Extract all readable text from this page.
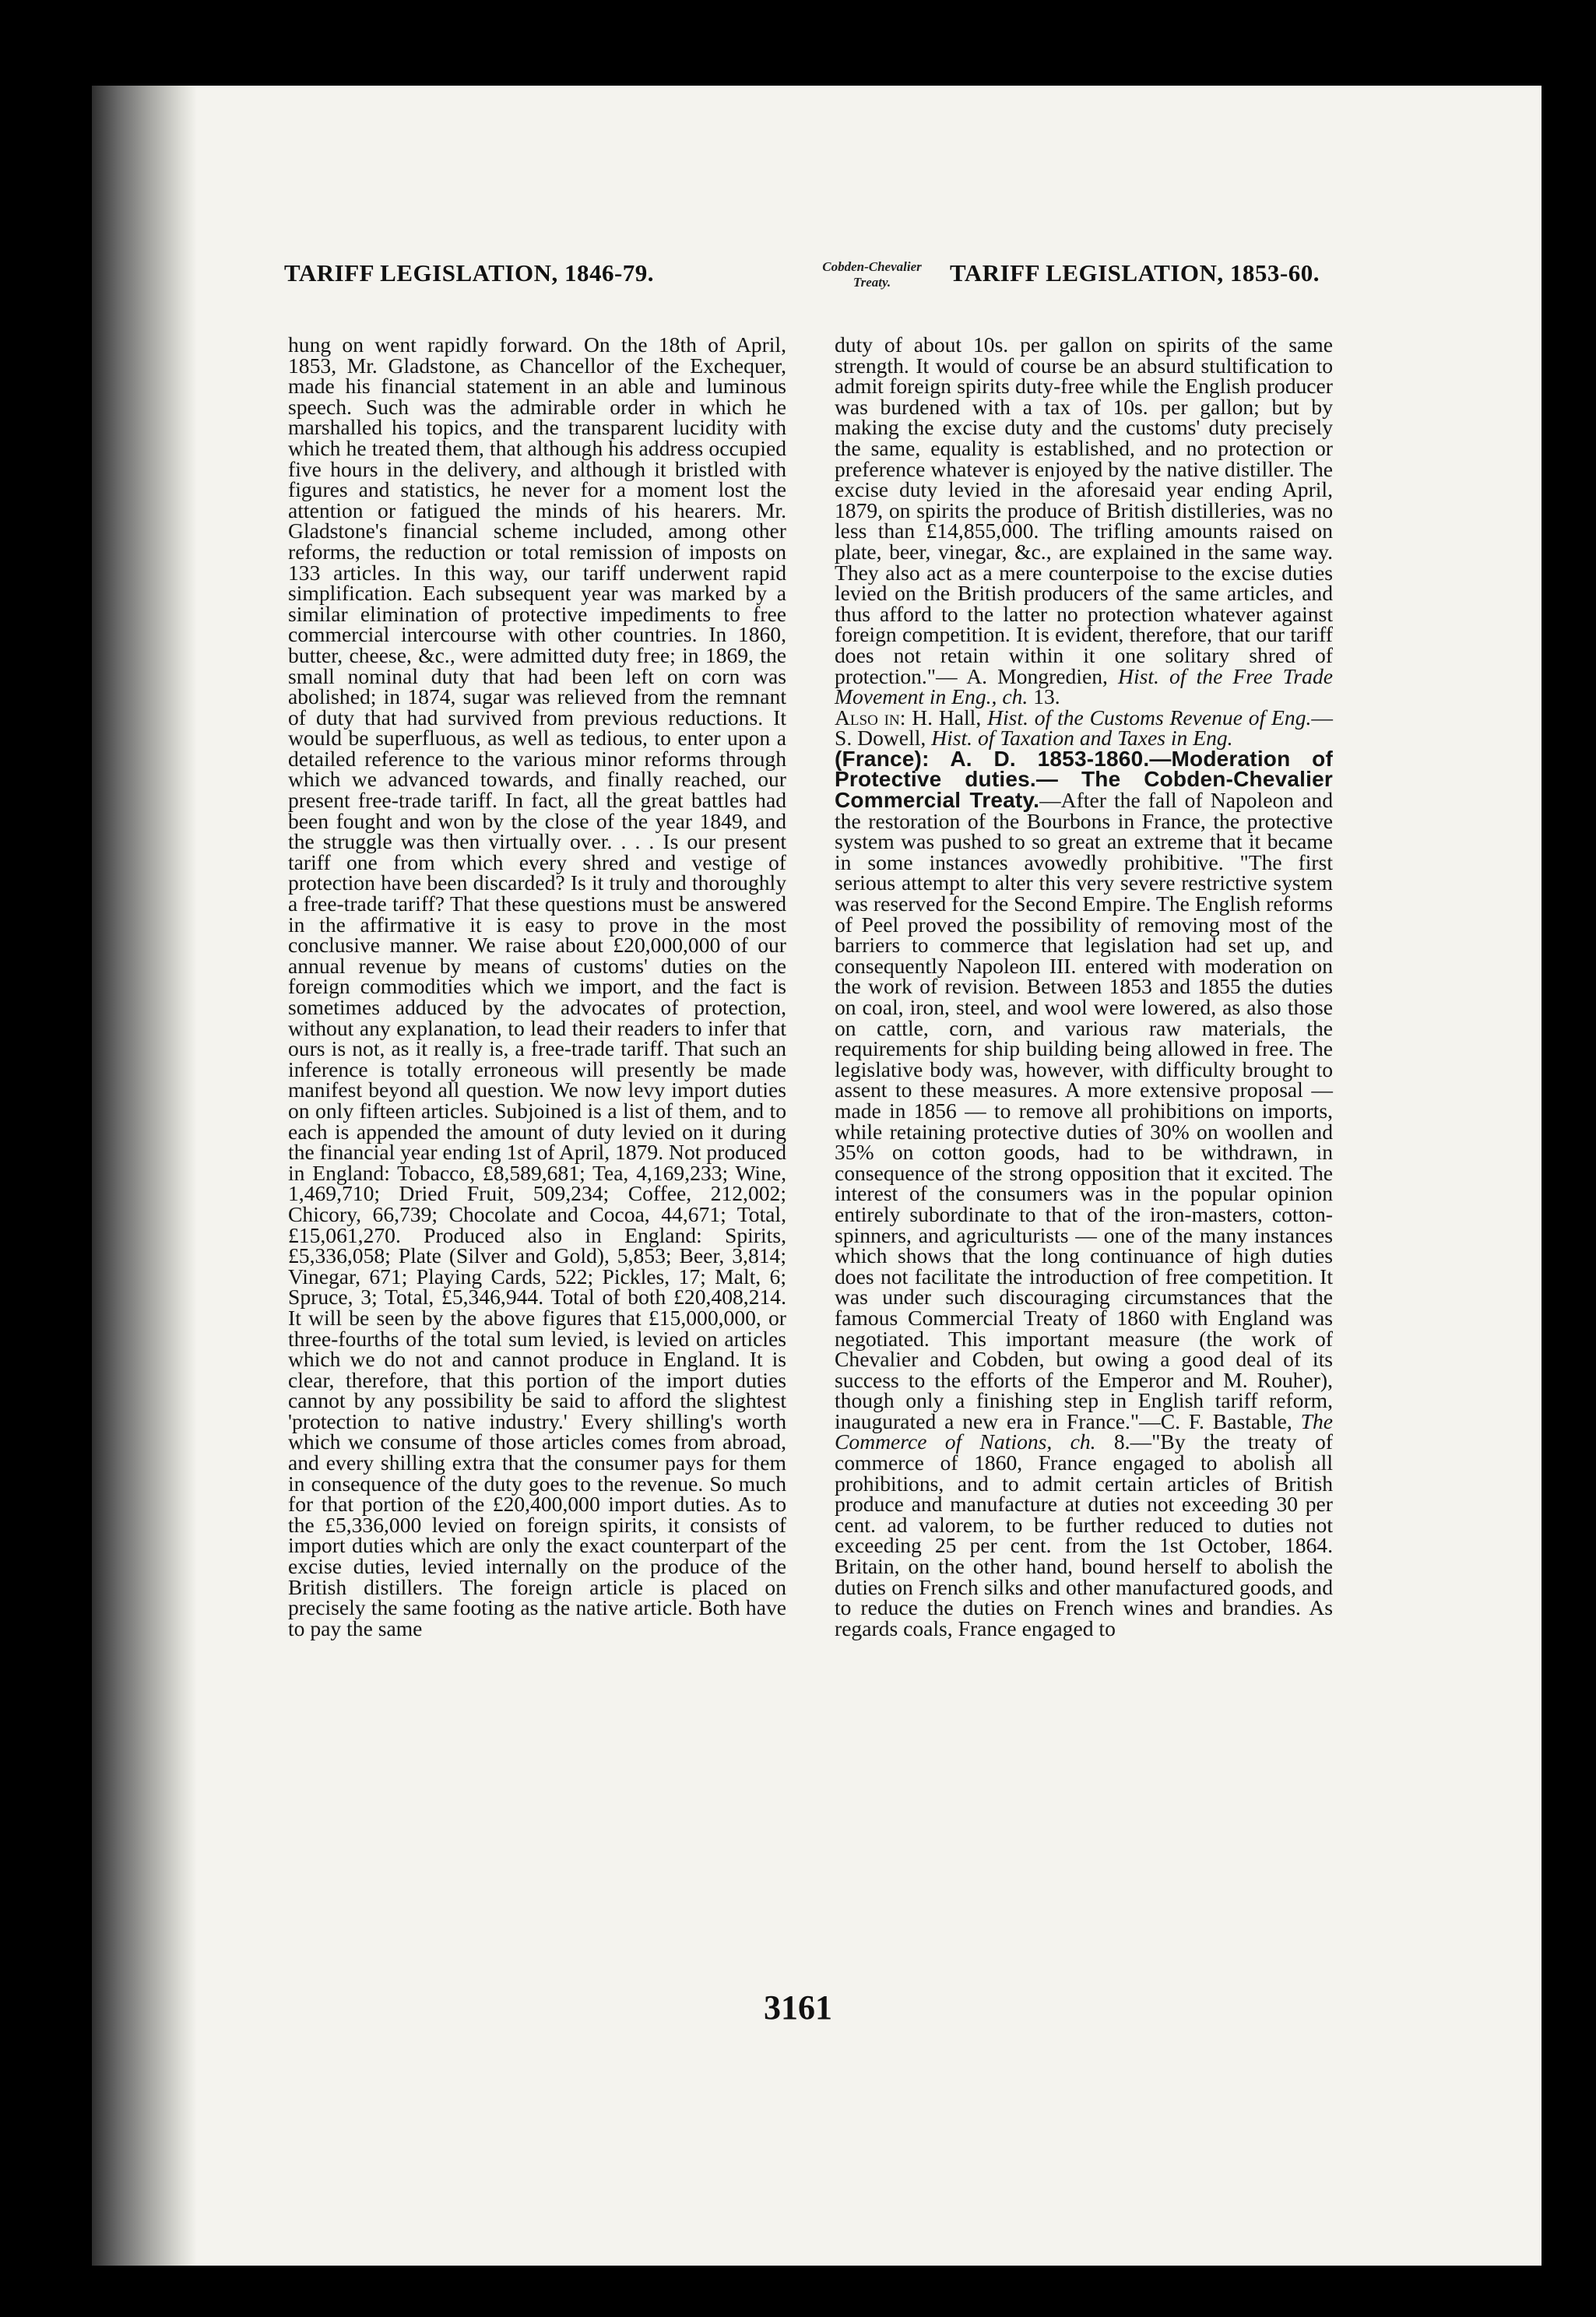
TARIFF LEGISLATION, 1846-79.	Cobden-Chevalier
Treaty.	TARIFF LEGISLATION, 1853-60.

hung on went rapidly forward. On the 18th of April, 1853, Mr. Gladstone, as Chancellor of the Exchequer, made his financial statement in an able and luminous speech. Such was the admirable order in which he marshalled his topics, and the transparent lucidity with which he treated them, that although his address occupied five hours in the delivery, and although it bristled with figures and statistics, he never for a moment lost the attention or fatigued the minds of his hearers. Mr. Gladstone's financial scheme included, among other reforms, the reduction or total remission of imposts on 133 articles. In this way, our tariff underwent rapid simplification. Each subsequent year was marked by a similar elimination of protective impediments to free commercial intercourse with other countries. In 1860, butter, cheese, &c., were admitted duty free; in 1869, the small nominal duty that had been left on corn was abolished; in 1874, sugar was relieved from the remnant of duty that had survived from previous reductions. It would be superfluous, as well as tedious, to enter upon a detailed reference to the various minor reforms through which we advanced towards, and finally reached, our present free-trade tariff. In fact, all the great battles had been fought and won by the close of the year 1849, and the struggle was then virtually over. . . . Is our present tariff one from which every shred and vestige of protection have been discarded? Is it truly and thoroughly a free-trade tariff? That these questions must be answered in the affirmative it is easy to prove in the most conclusive manner. We raise about £20,000,000 of our annual revenue by means of customs' duties on the foreign commodities which we import, and the fact is sometimes adduced by the advocates of protection, without any explanation, to lead their readers to infer that ours is not, as it really is, a free-trade tariff. That such an inference is totally erroneous will presently be made manifest beyond all question. We now levy import duties on only fifteen articles. Subjoined is a list of them, and to each is appended the amount of duty levied on it during the financial year ending 1st of April, 1879. Not produced in England: Tobacco, £8,589,681; Tea, 4,169,233; Wine, 1,469,710; Dried Fruit, 509,234; Coffee, 212,002; Chicory, 66,739; Chocolate and Cocoa, 44,671; Total, £15,061,270. Produced also in England: Spirits, £5,336,058; Plate (Silver and Gold), 5,853; Beer, 3,814; Vinegar, 671; Playing Cards, 522; Pickles, 17; Malt, 6; Spruce, 3; Total, £5,346,944. Total of both £20,408,214. It will be seen by the above figures that £15,000,000, or three-fourths of the total sum levied, is levied on articles which we do not and cannot produce in England. It is clear, therefore, that this portion of the import duties cannot by any possibility be said to afford the slightest 'protection to native industry.' Every shilling's worth which we consume of those articles comes from abroad, and every shilling extra that the consumer pays for them in consequence of the duty goes to the revenue. So much for that portion of the £20,400,000 import duties. As to the £5,336,000 levied on foreign spirits, it consists of import duties which are only the exact counterpart of the excise duties, levied internally on the produce of the British distillers. The foreign article is placed on precisely the same footing as the native article. Both have to pay the same

duty of about 10s. per gallon on spirits of the same strength. It would of course be an absurd stultification to admit foreign spirits duty-free while the English producer was burdened with a tax of 10s. per gallon; but by making the excise duty and the customs' duty precisely the same, equality is established, and no protection or preference whatever is enjoyed by the native distiller. The excise duty levied in the aforesaid year ending April, 1879, on spirits the produce of British distilleries, was no less than £14,855,000. The trifling amounts raised on plate, beer, vinegar, &c., are explained in the same way. They also act as a mere counterpoise to the excise duties levied on the British producers of the same articles, and thus afford to the latter no protection whatever against foreign competition. It is evident, therefore, that our tariff does not retain within it one solitary shred of protection."— A. Mongredien, Hist. of the Free Trade Movement in Eng., ch. 13.

Also in: H. Hall, Hist. of the Customs Revenue of Eng.— S. Dowell, Hist. of Taxation and Taxes in Eng.

(France): A. D. 1853-1860.—Moderation of Protective duties.— The Cobden-Chevalier Commercial Treaty.—After the fall of Napoleon and the restoration of the Bourbons in France, the protective system was pushed to so great an extreme that it became in some instances avowedly prohibitive. "The first serious attempt to alter this very severe restrictive system was reserved for the Second Empire. The English reforms of Peel proved the possibility of removing most of the barriers to commerce that legislation had set up, and consequently Napoleon III. entered with moderation on the work of revision. Between 1853 and 1855 the duties on coal, iron, steel, and wool were lowered, as also those on cattle, corn, and various raw materials, the requirements for ship building being allowed in free. The legislative body was, however, with difficulty brought to assent to these measures. A more extensive proposal — made in 1856 — to remove all prohibitions on imports, while retaining protective duties of 30% on woollen and 35% on cotton goods, had to be withdrawn, in consequence of the strong opposition that it excited. The interest of the consumers was in the popular opinion entirely subordinate to that of the iron-masters, cotton-spinners, and agriculturists — one of the many instances which shows that the long continuance of high duties does not facilitate the introduction of free competition. It was under such discouraging circumstances that the famous Commercial Treaty of 1860 with England was negotiated. This important measure (the work of Chevalier and Cobden, but owing a good deal of its success to the efforts of the Emperor and M. Rouher), though only a finishing step in English tariff reform, inaugurated a new era in France."—C. F. Bastable, The Commerce of Nations, ch. 8.—"By the treaty of commerce of 1860, France engaged to abolish all prohibitions, and to admit certain articles of British produce and manufacture at duties not exceeding 30 per cent. ad valorem, to be further reduced to duties not exceeding 25 per cent. from the 1st October, 1864. Britain, on the other hand, bound herself to abolish the duties on French silks and other manufactured goods, and to reduce the duties on French wines and brandies. As regards coals, France engaged to

3161
